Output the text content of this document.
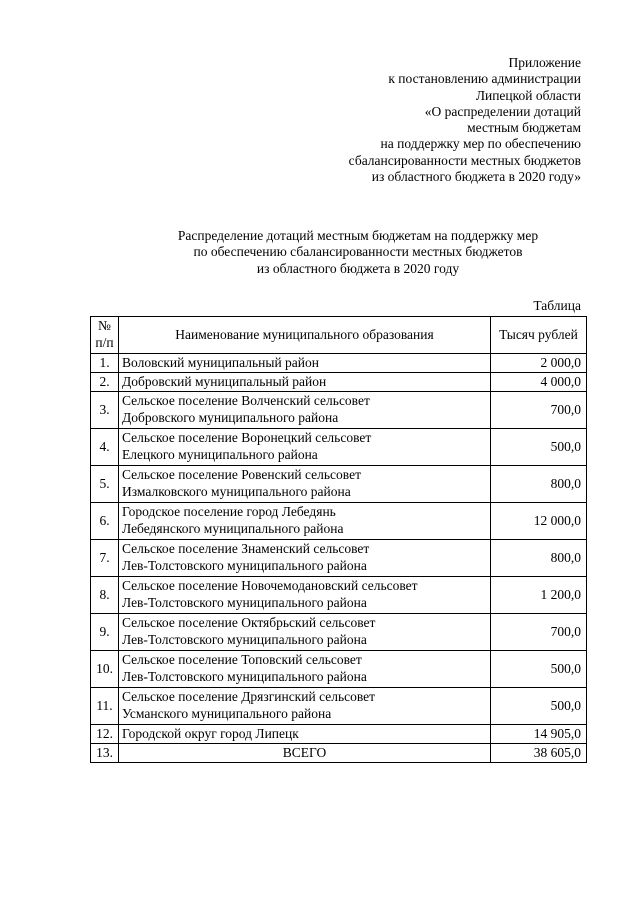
Приложение
к постановлению администрации
Липецкой области
«О распределении дотаций
местным бюджетам
на поддержку мер по обеспечению
сбалансированности местных бюджетов
из областного бюджета в 2020 году»
Распределение дотаций местным бюджетам на поддержку мер
по обеспечению сбалансированности местных бюджетов
из областного бюджета в 2020 году
Таблица
№ п/п	Наименование муниципального образования	Тысяч рублей
1.	Воловский муниципальный район	2 000,0
2.	Добровский муниципальный район	4 000,0
3.	Сельское поселение Волченский сельсовет
Добровского муниципального района	700,0
4.	Сельское поселение Воронецкий сельсовет
Елецкого муниципального района	500,0
5.	Сельское поселение Ровенский сельсовет
Измалковского муниципального района	800,0
6.	Городское поселение город Лебедянь
Лебедянского муниципального района	12 000,0
7.	Сельское поселение Знаменский сельсовет
Лев-Толстовского муниципального района	800,0
8.	Сельское поселение Новочемодановский сельсовет
Лев-Толстовского муниципального района	1 200,0
9.	Сельское поселение Октябрьский сельсовет
Лев-Толстовского муниципального района	700,0
10.	Сельское поселение Топовский сельсовет
Лев-Толстовского муниципального района	500,0
11.	Сельское поселение Дрязгинский сельсовет
Усманского муниципального района	500,0
12.	Городской округ город Липецк	14 905,0
13.	ВСЕГО	38 605,0
